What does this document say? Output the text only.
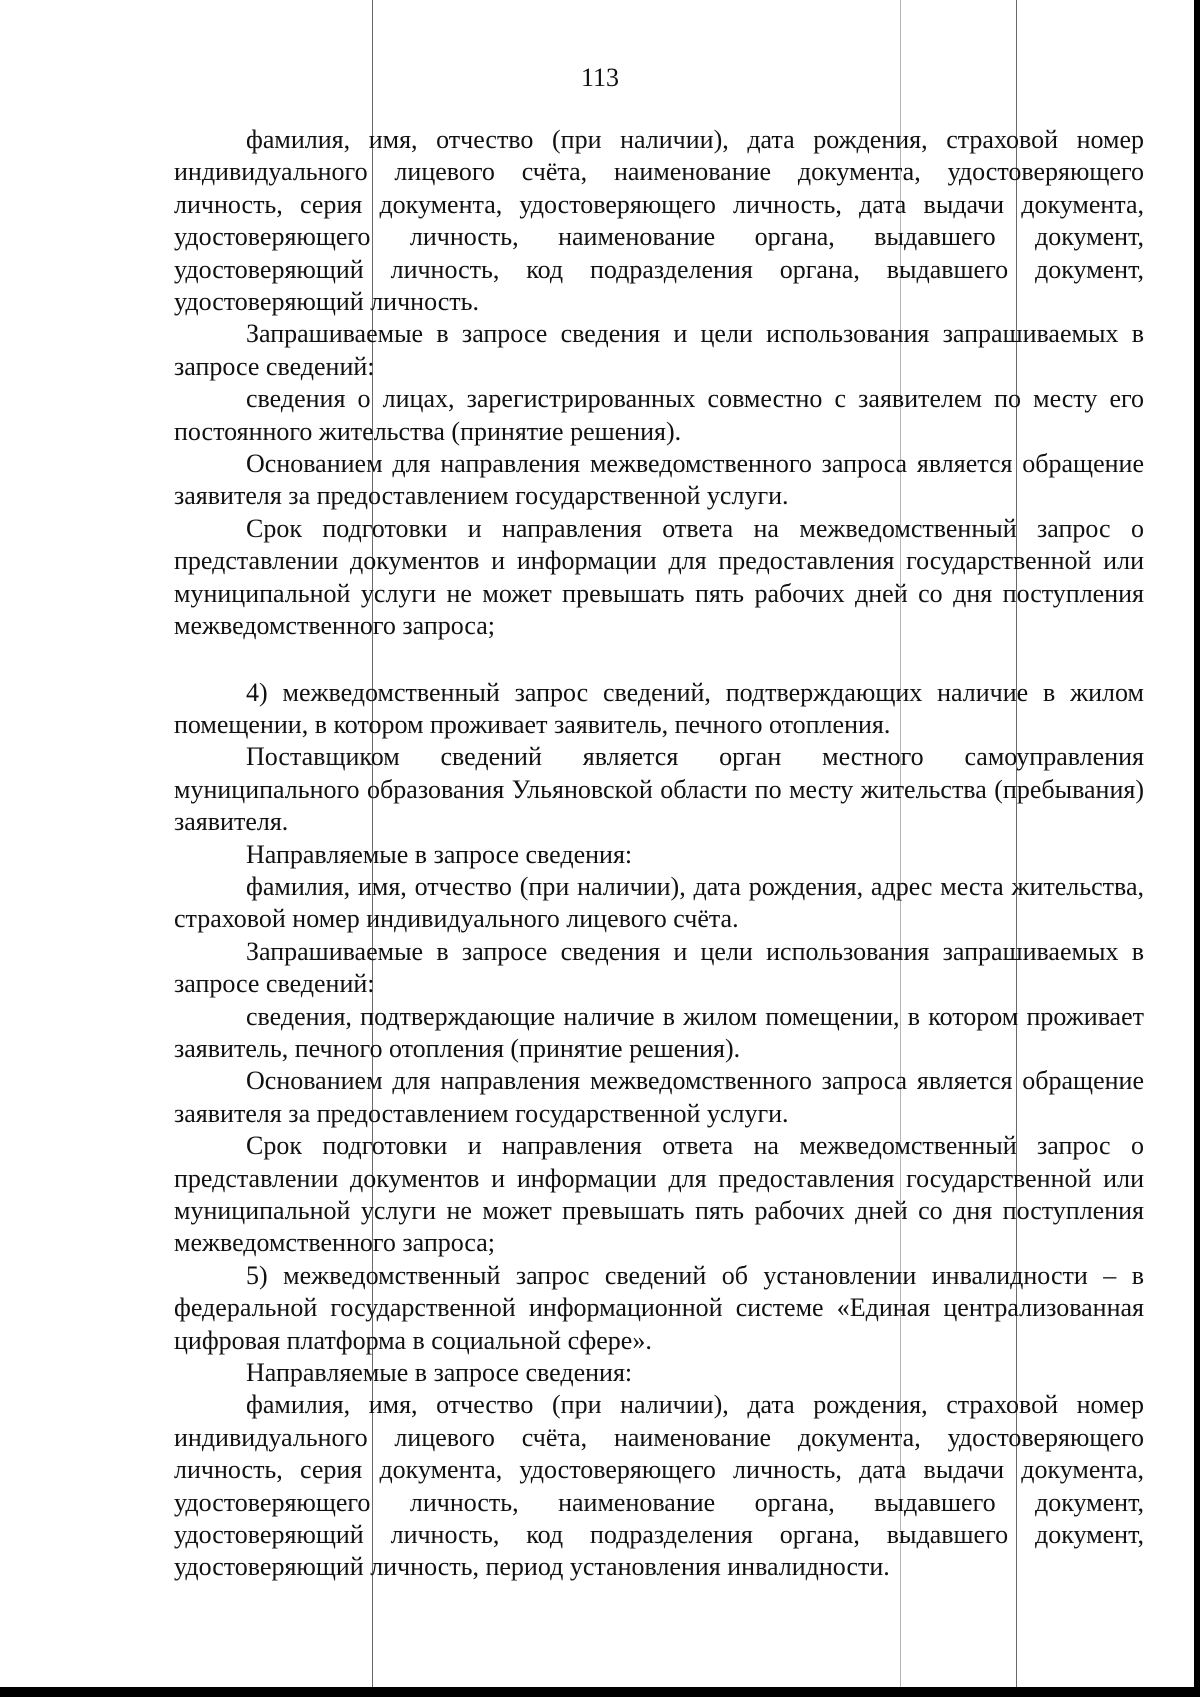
113

фамилия, имя, отчество (при наличии), дата рождения, страховой номер индивидуального лицевого счёта, наименование документа, удостоверяющего личность, серия документа, удостоверяющего личность, дата выдачи документа, удостоверяющего личность, наименование органа, выдавшего документ, удостоверяющий личность, код подразделения органа, выдавшего документ, удостоверяющий личность.

Запрашиваемые в запросе сведения и цели использования запрашиваемых в запросе сведений:

сведения о лицах, зарегистрированных совместно с заявителем по месту его постоянного жительства (принятие решения).

Основанием для направления межведомственного запроса является обращение заявителя за предоставлением государственной услуги.

Срок подготовки и направления ответа на межведомственный запрос о представлении документов и информации для предоставления государственной или муниципальной услуги не может превышать пять рабочих дней со дня поступления межведомственного запроса;

4) межведомственный запрос сведений, подтверждающих наличие в жилом помещении, в котором проживает заявитель, печного отопления.

Поставщиком сведений является орган местного самоуправления муниципального образования Ульяновской области по месту жительства (пребывания) заявителя.

Направляемые в запросе сведения:

фамилия, имя, отчество (при наличии), дата рождения, адрес места жительства, страховой номер индивидуального лицевого счёта.

Запрашиваемые в запросе сведения и цели использования запрашиваемых в запросе сведений:

сведения, подтверждающие наличие в жилом помещении, в котором проживает заявитель, печного отопления (принятие решения).

Основанием для направления межведомственного запроса является обращение заявителя за предоставлением государственной услуги.

Срок подготовки и направления ответа на межведомственный запрос о представлении документов и информации для предоставления государственной или муниципальной услуги не может превышать пять рабочих дней со дня поступления межведомственного запроса;

5) межведомственный запрос сведений об установлении инвалидности – в федеральной государственной информационной системе «Единая централизованная цифровая платформа в социальной сфере».

Направляемые в запросе сведения:

фамилия, имя, отчество (при наличии), дата рождения, страховой номер индивидуального лицевого счёта, наименование документа, удостоверяющего личность, серия документа, удостоверяющего личность, дата выдачи документа, удостоверяющего личность, наименование органа, выдавшего документ, удостоверяющий личность, код подразделения органа, выдавшего документ, удостоверяющий личность, период установления инвалидности.
